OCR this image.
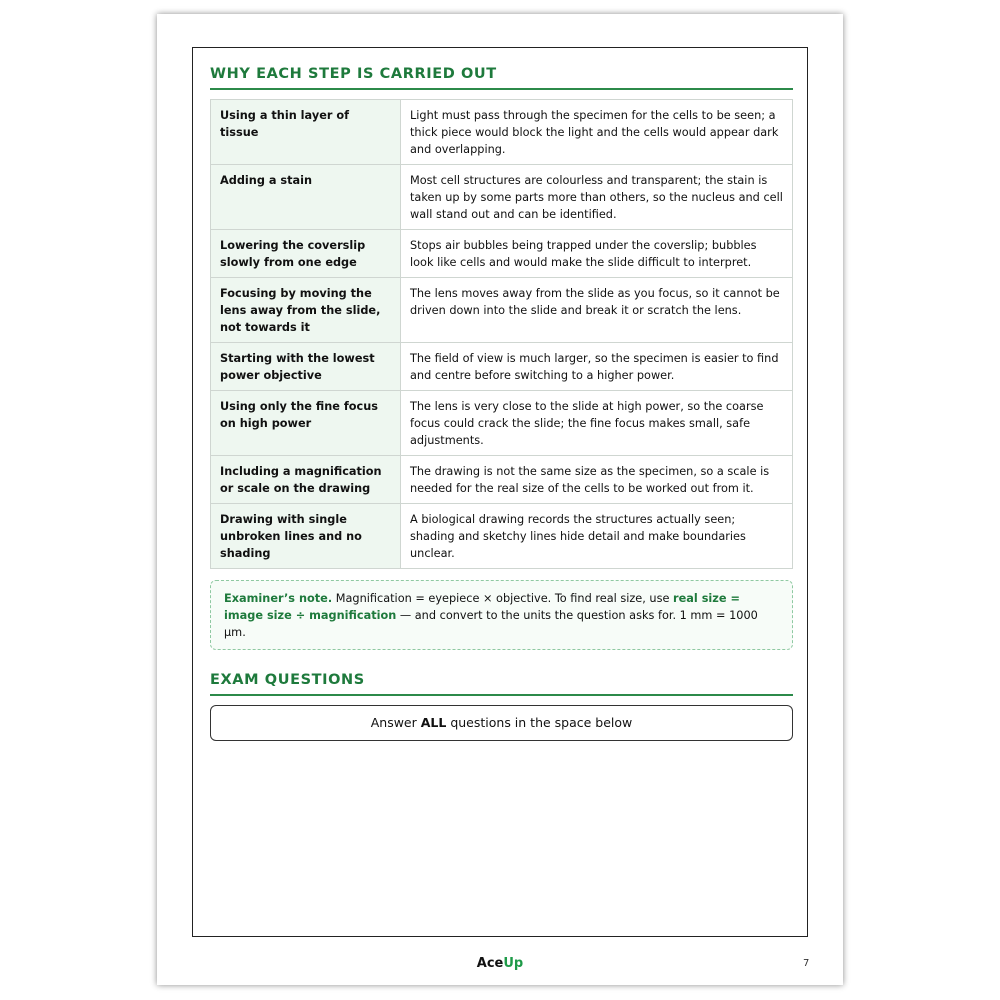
WHY EACH STEP IS CARRIED OUT
Using a thin layer of tissue	Light must pass through the specimen for the cells to be seen; a thick piece would block the light and the cells would appear dark and overlapping.
Adding a stain	Most cell structures are colourless and transparent; the stain is taken up by some parts more than others, so the nucleus and cell wall stand out and can be identified.
Lowering the coverslip slowly from one edge	Stops air bubbles being trapped under the coverslip; bubbles look like cells and would make the slide difficult to interpret.
Focusing by moving the lens away from the slide, not towards it	The lens moves away from the slide as you focus, so it cannot be driven down into the slide and break it or scratch the lens.
Starting with the lowest power objective	The field of view is much larger, so the specimen is easier to find and centre before switching to a higher power.
Using only the fine focus on high power	The lens is very close to the slide at high power, so the coarse focus could crack the slide; the fine focus makes small, safe adjustments.
Including a magnification or scale on the drawing	The drawing is not the same size as the specimen, so a scale is needed for the real size of the cells to be worked out from it.
Drawing with single unbroken lines and no shading	A biological drawing records the structures actually seen; shading and sketchy lines hide detail and make boundaries unclear.
Examiner’s note. Magnification = eyepiece × objective. To find real size, use real size = image size ÷ magnification — and convert to the units the question asks for. 1 mm = 1000 µm.
EXAM QUESTIONS
Answer ALL questions in the space below
AceUp	7
